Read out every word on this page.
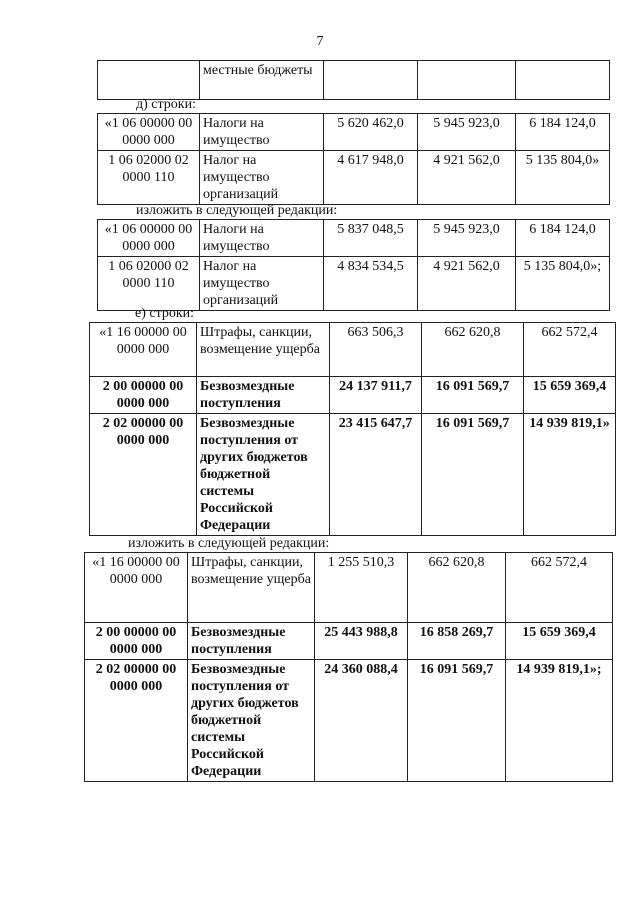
7
	местные бюджеты			
д) строки:
«1 06 00000 00 0000 000	Налоги на имущество	5 620 462,0	5 945 923,0	6 184 124,0
1 06 02000 02 0000 110	Налог на имущество организаций	4 617 948,0	4 921 562,0	5 135 804,0»
изложить в следующей редакции:
«1 06 00000 00 0000 000	Налоги на имущество	5 837 048,5	5 945 923,0	6 184 124,0
1 06 02000 02 0000 110	Налог на имущество организаций	4 834 534,5	4 921 562,0	5 135 804,0»;
е) строки:
«1 16 00000 00 0000 000	Штрафы, санкции, возмещение ущерба	663 506,3	662 620,8	662 572,4
2 00 00000 00 0000 000	Безвозмездные поступления	24 137 911,7	16 091 569,7	15 659 369,4
2 02 00000 00 0000 000	Безвозмездные поступления от других бюджетов бюджетной системы Российской Федерации	23 415 647,7	16 091 569,7	14 939 819,1»
изложить в следующей редакции:
«1 16 00000 00 0000 000	Штрафы, санкции, возмещение ущерба	1 255 510,3	662 620,8	662 572,4
2 00 00000 00 0000 000	Безвозмездные поступления	25 443 988,8	16 858 269,7	15 659 369,4
2 02 00000 00 0000 000	Безвозмездные поступления от других бюджетов бюджетной системы Российской Федерации	24 360 088,4	16 091 569,7	14 939 819,1»;
